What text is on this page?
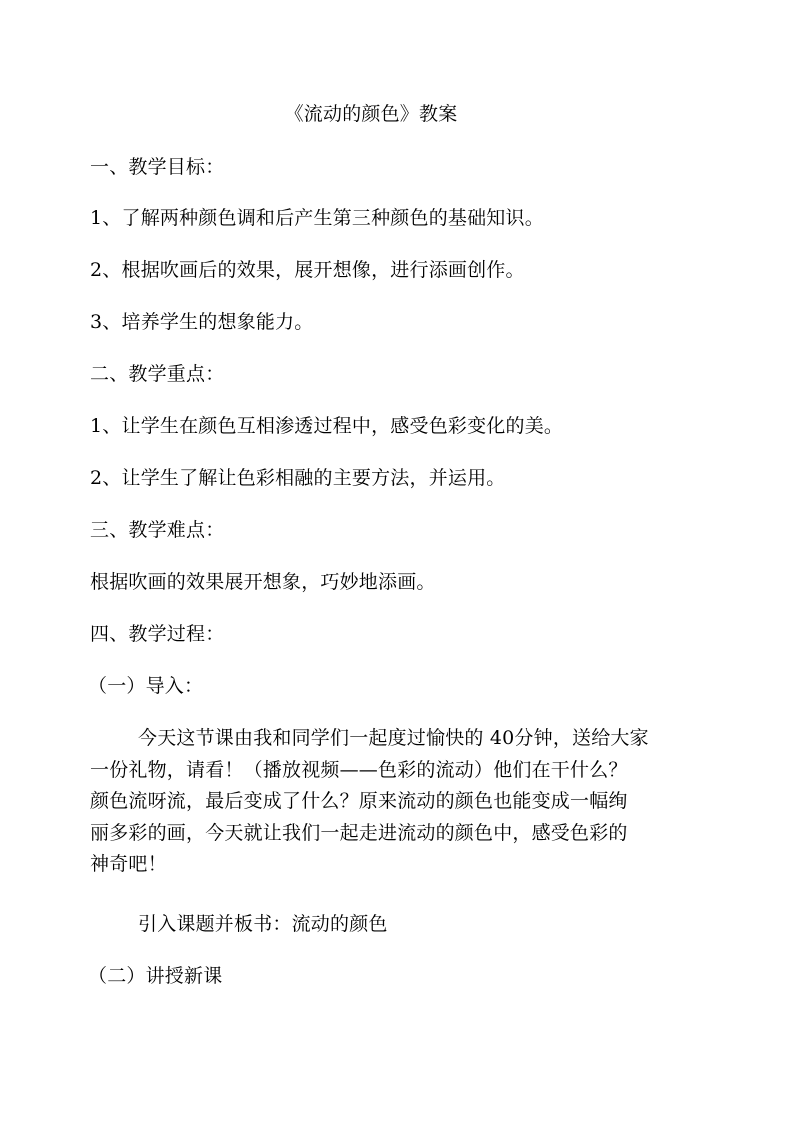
《流动的颜色》教案
一、教学目标：
1、了解两种颜色调和后产生第三种颜色的基础知识。
2、根据吹画后的效果，展开想像，进行添画创作。
3、培养学生的想象能力。
二、教学重点：
1、让学生在颜色互相渗透过程中，感受色彩变化的美。
2、让学生了解让色彩相融的主要方法，并运用。
三、教学难点：
根据吹画的效果展开想象，巧妙地添画。
四、教学过程：
（一）导入：
今天这节课由我和同学们一起度过愉快的 40分钟，送给大家
一份礼物，请看！（播放视频——色彩的流动）他们在干什么？
颜色流呀流，最后变成了什么？原来流动的颜色也能变成一幅绚
丽多彩的画，今天就让我们一起走进流动的颜色中，感受色彩的
神奇吧！
引入课题并板书：流动的颜色
（二）讲授新课
